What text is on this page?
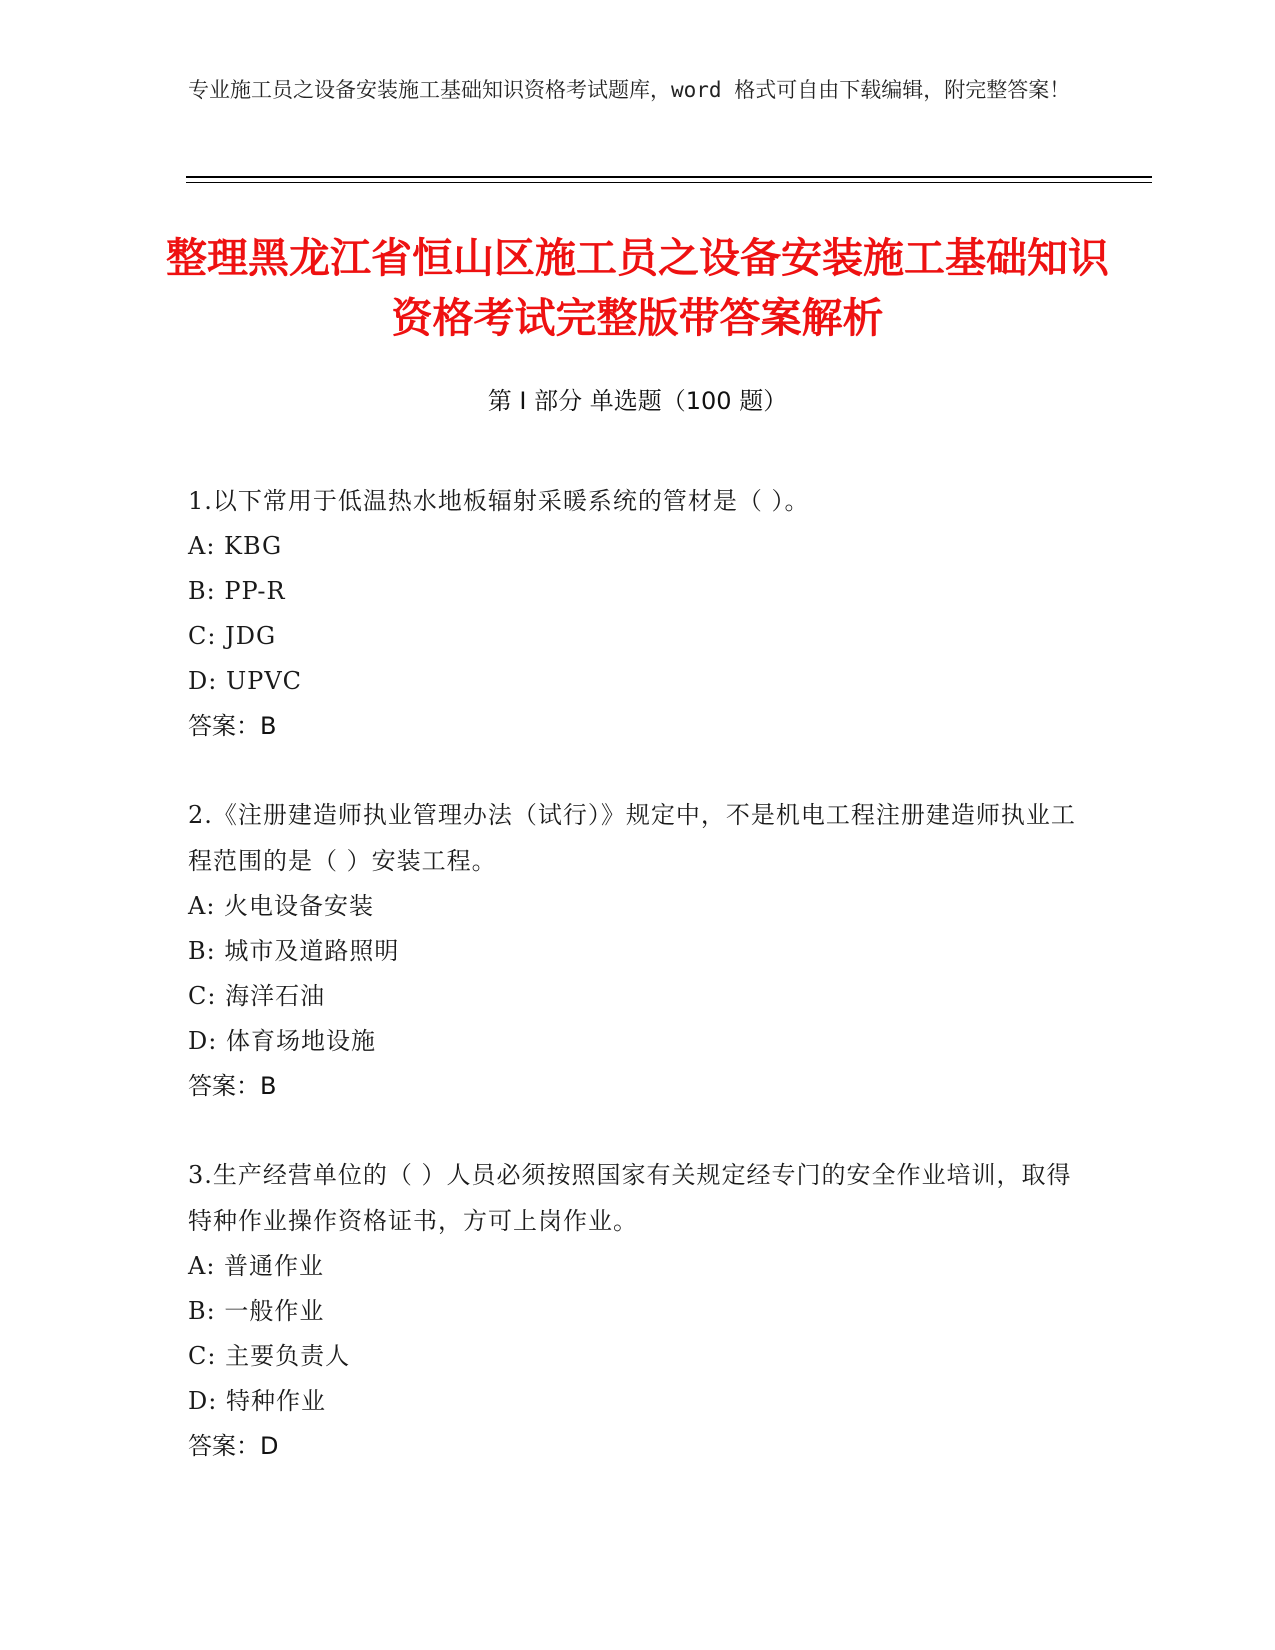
专业施工员之设备安装施工基础知识资格考试题库，word 格式可自由下载编辑，附完整答案！
整理黑龙江省恒山区施工员之设备安装施工基础知识资格考试完整版带答案解析
第 I 部分 单选题（100 题）
1.以下常用于低温热水地板辐射采暖系统的管材是（ ）。
A: KBG
B: PP-R
C: JDG
D: UPVC
答案：B
2.《注册建造师执业管理办法（试行）》规定中，不是机电工程注册建造师执业工程范围的是（ ）安装工程。
A: 火电设备安装
B: 城市及道路照明
C: 海洋石油
D: 体育场地设施
答案：B
3.生产经营单位的（ ）人员必须按照国家有关规定经专门的安全作业培训，取得特种作业操作资格证书，方可上岗作业。
A: 普通作业
B: 一般作业
C: 主要负责人
D: 特种作业
答案：D
